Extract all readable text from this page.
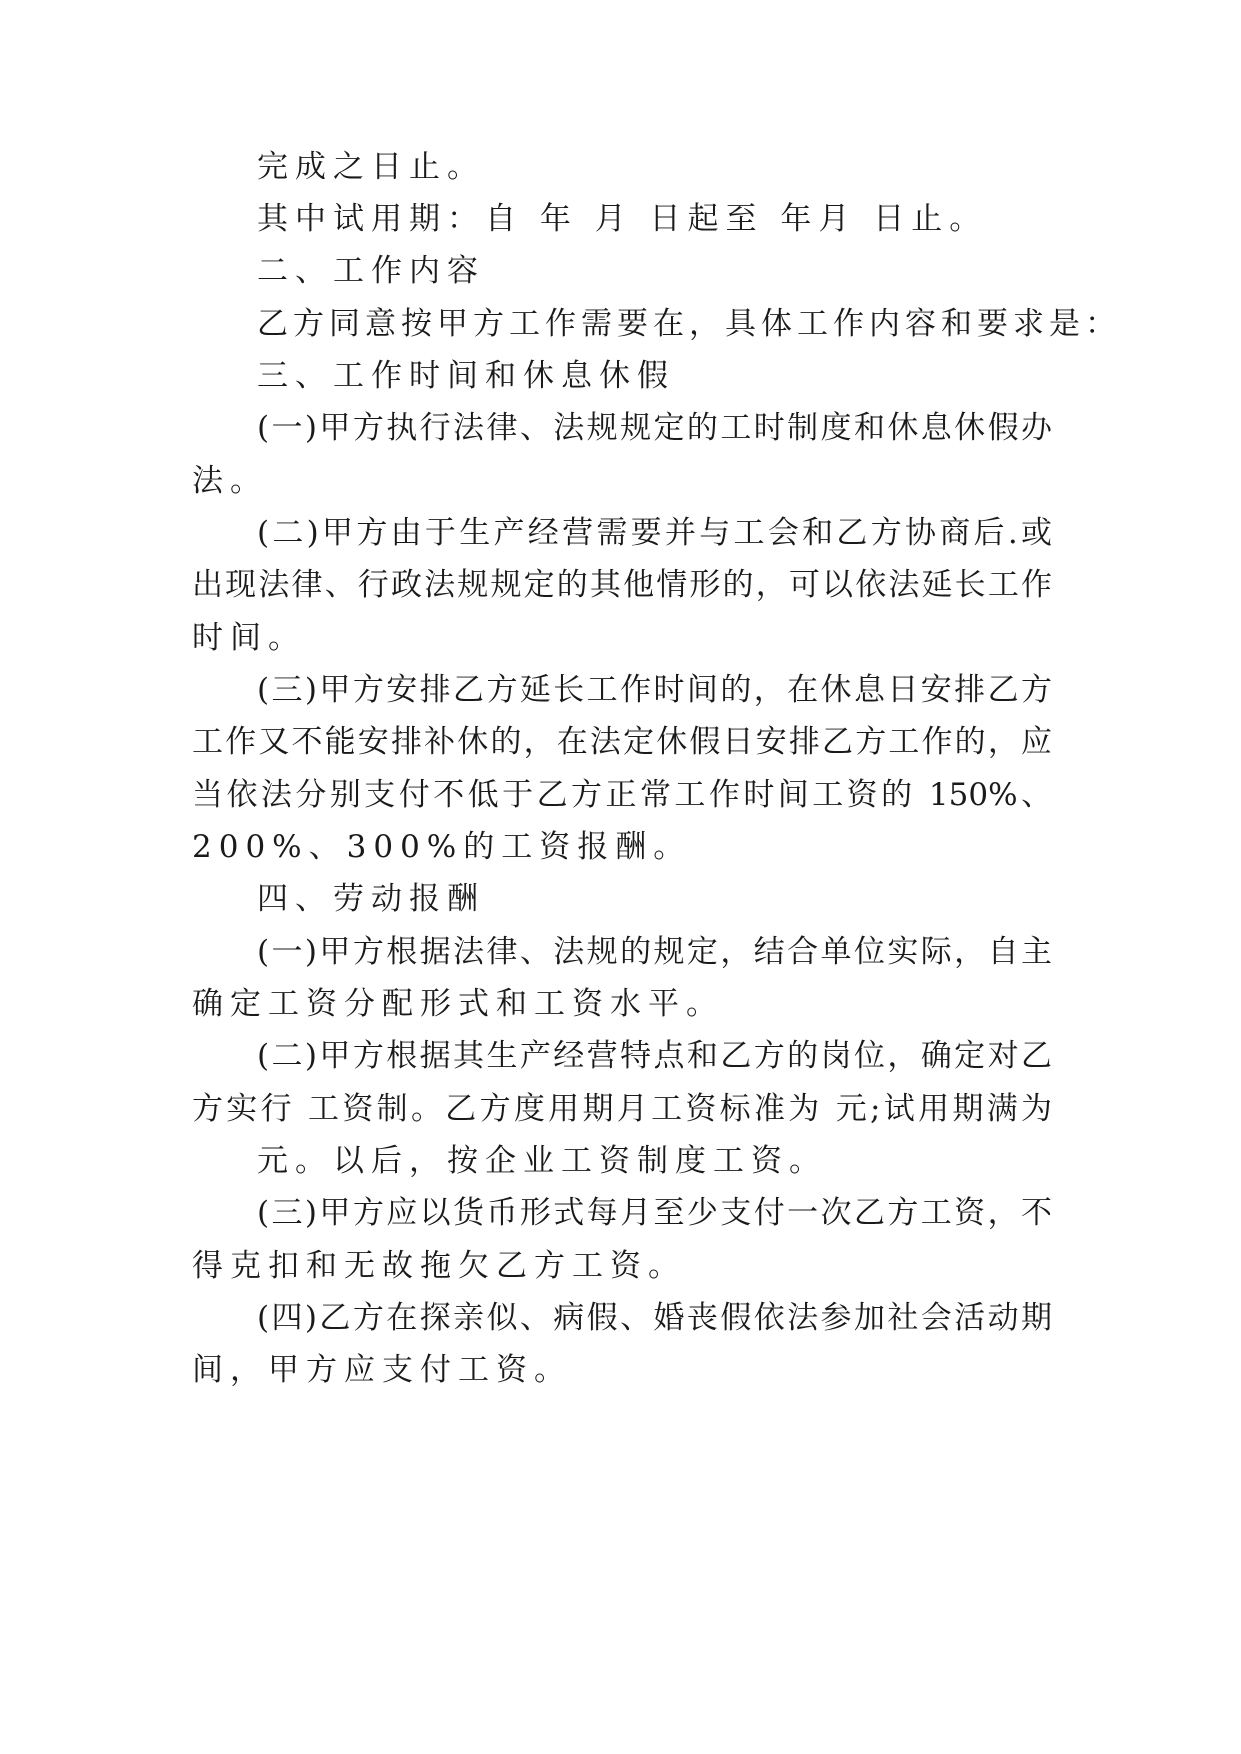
完成之日止。
其中试用期：自 年 月 日起至 年月 日止。
二、工作内容
乙方同意按甲方工作需要在，具体工作内容和要求是：
三、工作时间和休息休假
(一)甲方执行法律、法规规定的工时制度和休息休假办
法。
(二)甲方由于生产经营需要并与工会和乙方协商后.或
出现法律、行政法规规定的其他情形的，可以依法延长工作
时间。
(三)甲方安排乙方延长工作时间的，在休息日安排乙方
工作又不能安排补休的，在法定休假日安排乙方工作的，应
当依法分别支付不低于乙方正常工作时间工资的 150%、
200%、300%的工资报酬。
四、劳动报酬
(一)甲方根据法律、法规的规定，结合单位实际，自主
确定工资分配形式和工资水平。
(二)甲方根据其生产经营特点和乙方的岗位，确定对乙
方实行 工资制。乙方度用期月工资标准为 元;试用期满为
元。以后，按企业工资制度工资。
(三)甲方应以货币形式每月至少支付一次乙方工资，不
得克扣和无故拖欠乙方工资。
(四)乙方在探亲似、病假、婚丧假依法参加社会活动期
间，甲方应支付工资。
